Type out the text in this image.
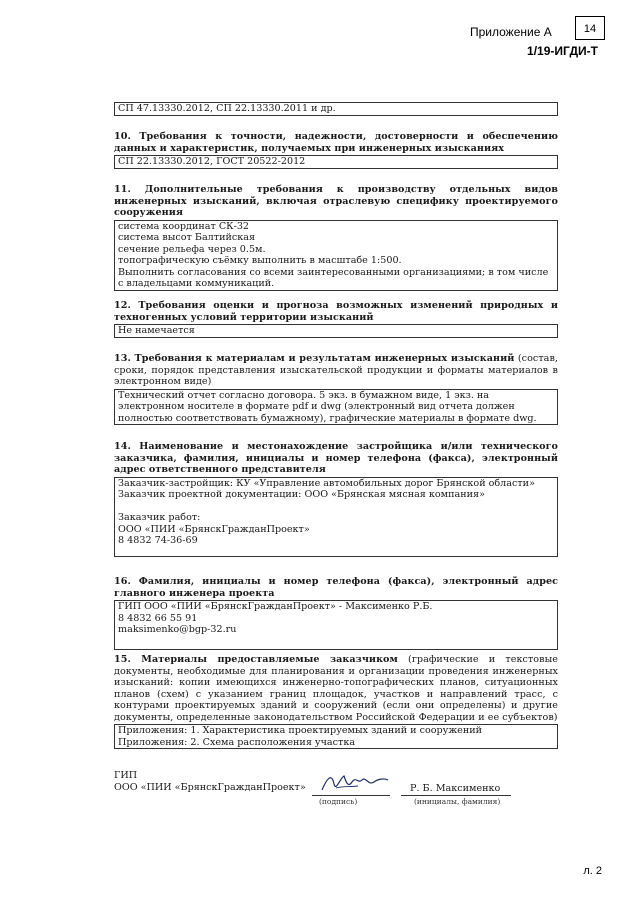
Приложение А	14
1/19-ИГДИ-Т
СП 47.13330.2012, СП 22.13330.2011 и др.
10. Требования к точности, надежности, достоверности и обеспечению данных и характеристик, получаемых при инженерных изысканиях
СП 22.13330.2012, ГОСТ 20522-2012
11. Дополнительные требования к производству отдельных видов инженерных изысканий, включая отраслевую специфику проектируемого сооружения
система координат СК-32
система высот Балтийская
сечение рельефа через 0.5м.
топографическую съёмку выполнить в масштабе 1:500.
Выполнить согласования со всеми заинтересованными организациями; в том числе с владельцами коммуникаций.
12. Требования оценки и прогноза возможных изменений природных и техногенных условий территории изысканий
Не намечается
13. Требования к материалам и результатам инженерных изысканий (состав, сроки, порядок представления изыскательской продукции и форматы материалов в электронном виде)
Технический отчет согласно договора. 5 экз. в бумажном виде, 1 экз. на электронном носителе в формате pdf и dwg (электронный вид отчета должен полностью соответствовать бумажному), графические материалы в формате dwg.
14. Наименование и местонахождение застройщика и/или технического заказчика, фамилия, инициалы и номер телефона (факса), электронный адрес ответственного представителя
Заказчик-застройщик: КУ «Управление автомобильных дорог Брянской области»
Заказчик проектной документации: ООО «Брянская мясная компания»
Заказчик работ:
ООО «ПИИ «БрянскГражданПроект»
8 4832 74-36-69
16. Фамилия, инициалы и номер телефона (факса), электронный адрес главного инженера проекта
ГИП ООО «ПИИ «БрянскГражданПроект» - Максименко Р.Б.
8 4832 66 55 91
maksimenko@bgp-32.ru
15. Материалы предоставляемые заказчиком (графические и текстовые документы, необходимые для планирования и организации проведения инженерных изысканий: копии имеющихся инженерно-топографических планов, ситуационных планов (схем) с указанием границ площадок, участков и направлений трасс, с контурами проектируемых зданий и сооружений (если они определены) и другие документы, определенные законодательством Российской Федерации и ее субъектов)
Приложения: 1. Характеристика проектируемых зданий и сооружений
Приложения: 2. Схема расположения участка
ГИП
ООО «ПИИ «БрянскГражданПроект»
(подпись)
Р. Б. Максименко
(инициалы, фамилия)
л. 2
